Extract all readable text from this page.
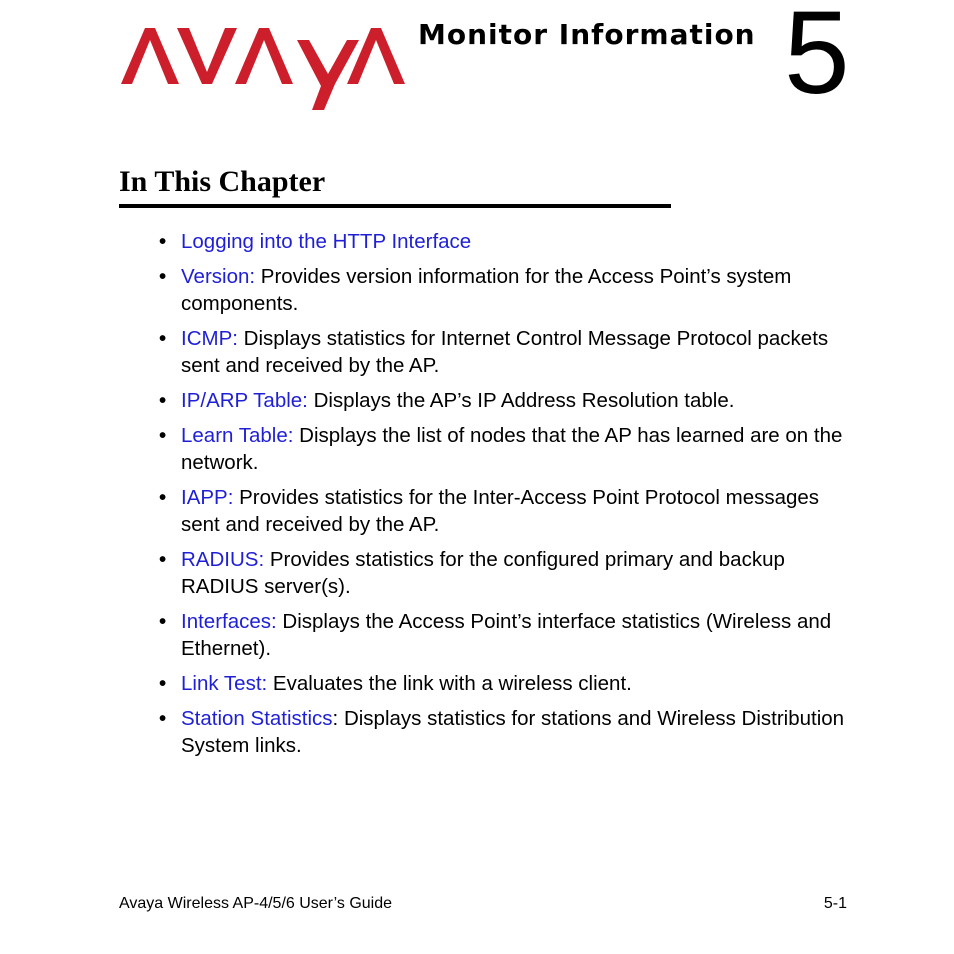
Monitor Information 5
In This Chapter
• Logging into the HTTP Interface
• Version: Provides version information for the Access Point’s system components.
• ICMP: Displays statistics for Internet Control Message Protocol packets sent and received by the AP.
• IP/ARP Table: Displays the AP’s IP Address Resolution table.
• Learn Table: Displays the list of nodes that the AP has learned are on the network.
• IAPP: Provides statistics for the Inter-Access Point Protocol messages sent and received by the AP.
• RADIUS: Provides statistics for the configured primary and backup RADIUS server(s).
• Interfaces: Displays the Access Point’s interface statistics (Wireless and Ethernet).
• Link Test: Evaluates the link with a wireless client.
• Station Statistics: Displays statistics for stations and Wireless Distribution System links.
Avaya Wireless AP-4/5/6 User’s Guide	5-1
